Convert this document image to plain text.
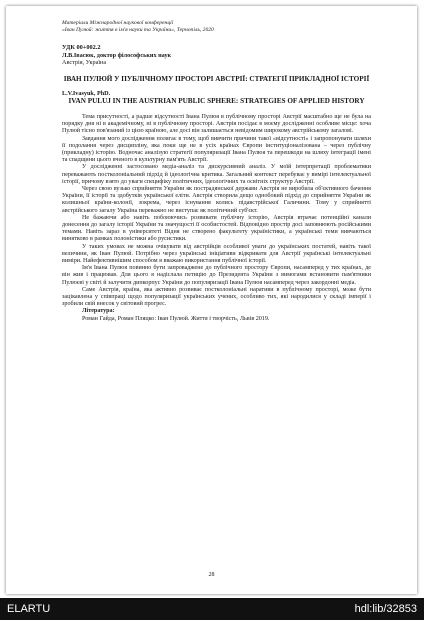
Матеріали Міжнародної наукової конференції
«Іван Пулюй: життя в ім'я науки та України», Тернопіль, 2020
УДК 00+002.2
Л.В.Івасюк, доктор філософських наук
Австрія, Україна
ІВАН ПУЛЮЙ У ПУБЛІЧНОМУ ПРОСТОРІ АВСТРІЇ: СТРАТЕГІЇ ПРИКЛАДНОЇ ІСТОРІЇ
L.V.Ivasyuk, PhD.
IVAN PULUJ IN THE AUSTRIAN PUBLIC SPHERE: STRATEGIES OF APPLIED HISTORY

Тема присутності, а радше відсутності Івана Пулюя в публічному просторі Австрії масштабно ще не була на порядку дня ні в академічному, ні в публічному просторі. Австрія посідає в моєму дослідженні особливе місце: хоча Пулюй тісно пов'язаний із цією країною, але досі він залишається невідомим широкому австрійському загалові.

Завдання мого дослідження полягає в тому, щоб вивчити причини такої «відсутності» і запропонувати шляхи її подолання через дисципліну, яка поки ще не в усіх країнах Європи інституціоналізована – через публічну (прикладну) історію. Водночас аналізую стратегії популяризації Івана Пулюя та перешкоди на шляху інтеграції імені та спадщини цього вченого в культурну пам'ять Австрії.

У дослідженні застосовано медіа-аналіз та дискурсивний аналіз. У моїй інтерпретації проблематики переважають постколоніальний підхід й ідеологічна критика. Загальний контекст перебуває у вимірі інтелектуальної історії, причому взято до уваги специфіку політичних, ідеологічних та освітніх структур Австрії.

Через свою вузько сприйняття України як пострадянської держави Австрія не виробила об'єктивного бачення України, її історії та здобутків української еліти. Австрія створила дещо однобокий підхід до сприйняття України як колишньої країни-колонії, зокрема, через існування колись підавстрійської Галичини. Тому у сприйнятті австрійського загалу Україна переважно не виступає як політичний суб'єкт.

Не бажаючи або навіть побоюючись розвивати публічну історію, Австрія втрачає потенційні канали донесення до загалу історії України та значущості її особистостей. Відповідно простір досі заповнюють російськими темами. Навіть зараз в університеті Відня не створено факультету україністики, а українські теми вивчаються винятково в рамках полоністики або русистики.

У таких умовах не можна очікувати від австрійців особливої уваги до українських постатей, навіть такої величини, як Іван Пулюй. Потрібно через українські ініціативи відкривати для Австрії українські інтелектуальні виміри. Найефективнішим способом я вважаю використання публічної історії.

Ім'я Івана Пулюя повинно бути запроваджене до публічного простору Європи, насамперед у тих країнах, де він жив і працював. Для цього я надіслала петицію до Президента України з вимогами встановити пам'ятники Пулюєві у світі й залучити дипкорпус України до популяризації Івана Пулюя насамперед через закордонні медіа.

Саме Австрія, країна, яка активно розвиває постколоніальні наративи в публічному просторі, може бути зацікавлена у співпраці щодо популяризації українських учених, особливо тих, які народилися у складі імперії і зробили свій внесок у світовий прогрес.

Література:

Роман Гайда, Роман Пляцко: Іван Пулюй. Життя і творчість, Львів 2019.

28
ELARTU	hdl:lib/32853
